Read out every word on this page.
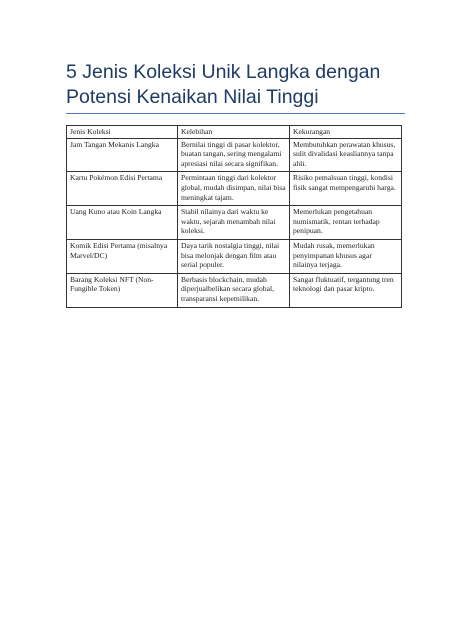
5 Jenis Koleksi Unik Langka dengan Potensi Kenaikan Nilai Tinggi
Jenis Koleksi	Kelebihan	Kekurangan
Jam Tangan Mekanis Langka	Bernilai tinggi di pasar kolektor, buatan tangan, sering mengalami apresiasi nilai secara signifikan.	Membutuhkan perawatan khusus, sulit divalidasi keasliannya tanpa ahli.
Kartu Pokémon Edisi Pertama	Permintaan tinggi dari kolektor global, mudah disimpan, nilai bisa meningkat tajam.	Risiko pemalsuan tinggi, kondisi fisik sangat mempengaruhi harga.
Uang Kuno atau Koin Langka	Stabil nilainya dari waktu ke waktu, sejarah menambah nilai koleksi.	Memerlukan pengetahuan numismatik, rentan terhadap penipuan.
Komik Edisi Pertama (misalnya Marvel/DC)	Daya tarik nostalgia tinggi, nilai bisa melonjak dengan film atau serial populer.	Mudah rusak, memerlukan penyimpanan khusus agar nilainya terjaga.
Barang Koleksi NFT (Non-Fungible Token)	Berbasis blockchain, mudah diperjualbelikan secara global, transparansi kepemilikan.	Sangat fluktuatif, tergantung tren teknologi dan pasar kripto.
